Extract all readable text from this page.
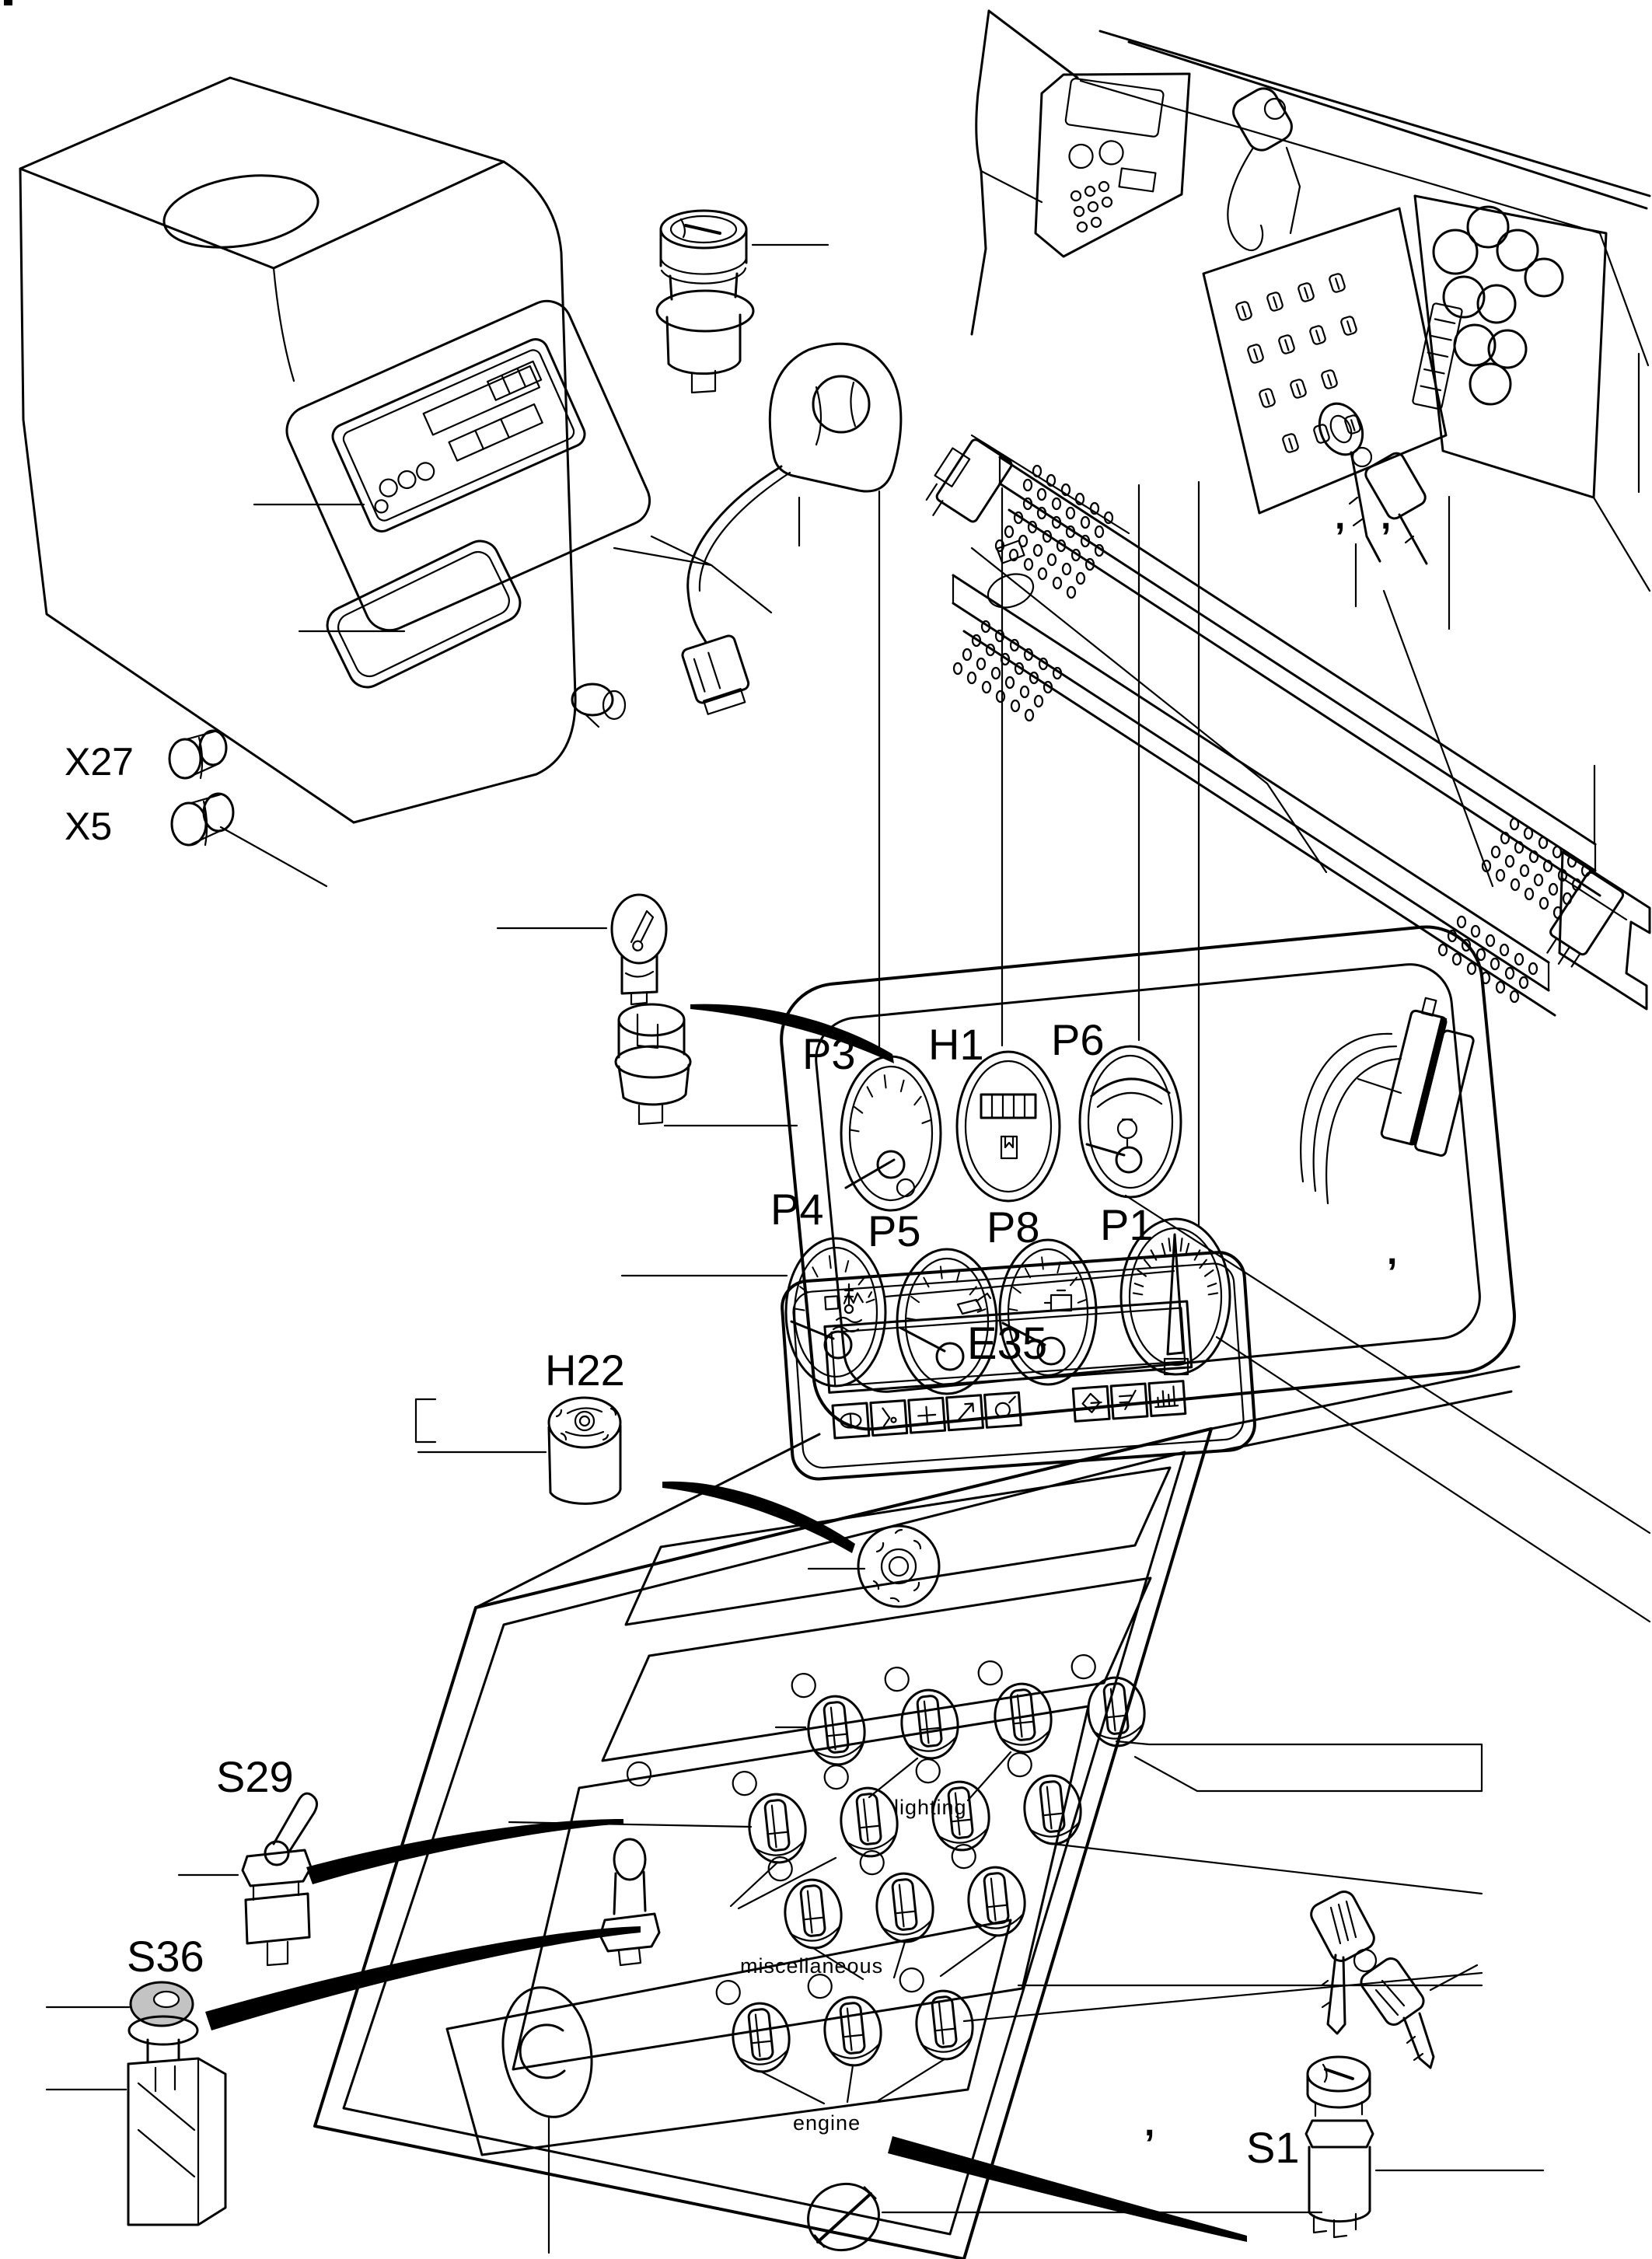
X27
X5
P3 H1 P6
P4 P5 P8 P1
E35
H22
S29
S36
S1
lighting
miscellaneous
engine
, ,
,
,
